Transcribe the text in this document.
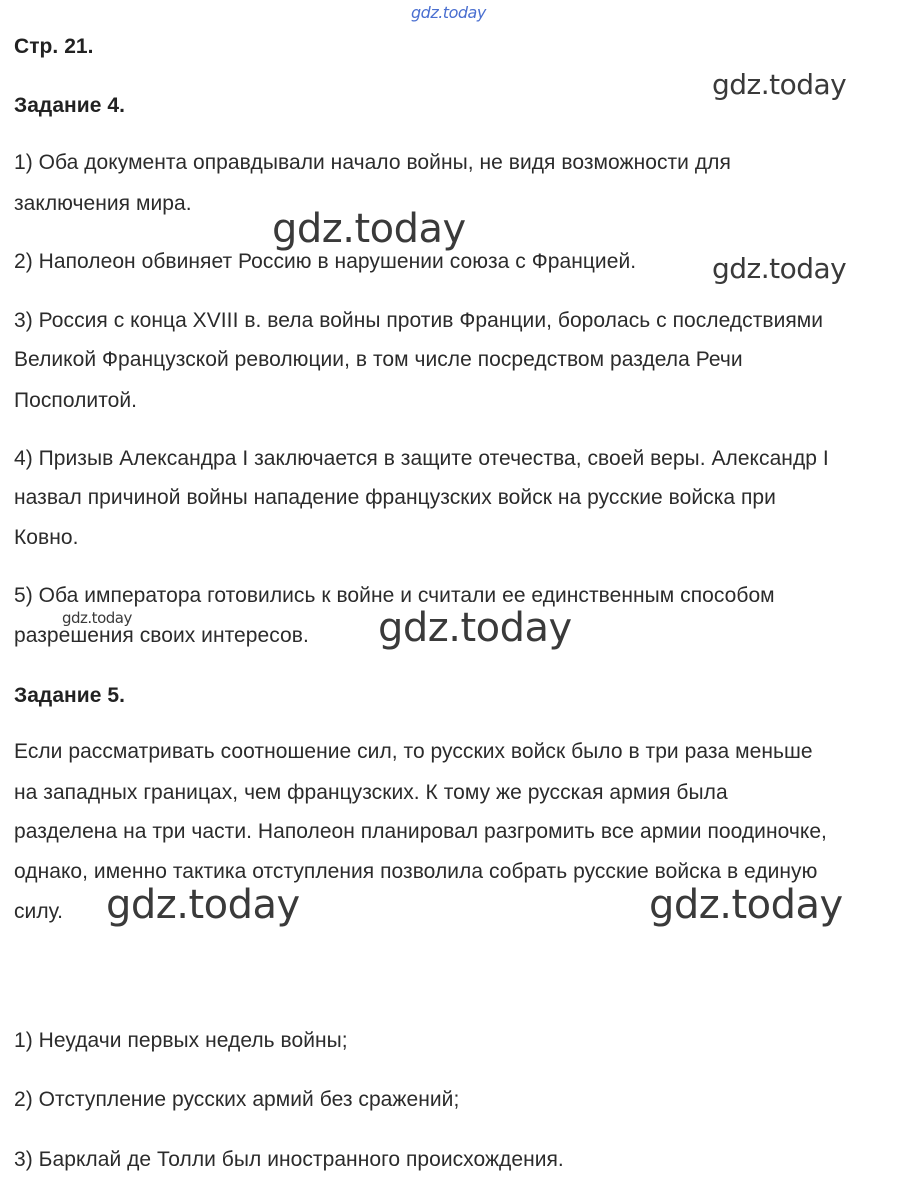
gdz.today
gdz.today
gdz.today
gdz.today
gdz.today	gdz.today
gdz.today	gdz.today
Стр. 21.
Задание 4.
1) Оба документа оправдывали начало войны, не видя возможности для
заключения мира.
2) Наполеон обвиняет Россию в нарушении союза с Францией.
3) Россия с конца XVIII в. вела войны против Франции, боролась с последствиями
Великой Французской революции, в том числе посредством раздела Речи
Посполитой.
4) Призыв Александра I заключается в защите отечества, своей веры. Александр I
назвал причиной войны нападение французских войск на русские войска при
Ковно.
5) Оба императора готовились к войне и считали ее единственным способом
разрешения своих интересов.
Задание 5.
Если рассматривать соотношение сил, то русских войск было в три раза меньше
на западных границах, чем французских. К тому же русская армия была
разделена на три части. Наполеон планировал разгромить все армии поодиночке,
однако, именно тактика отступления позволила собрать русские войска в единую
силу.
1) Неудачи первых недель войны;
2) Отступление русских армий без сражений;
3) Барклай де Толли был иностранного происхождения.
